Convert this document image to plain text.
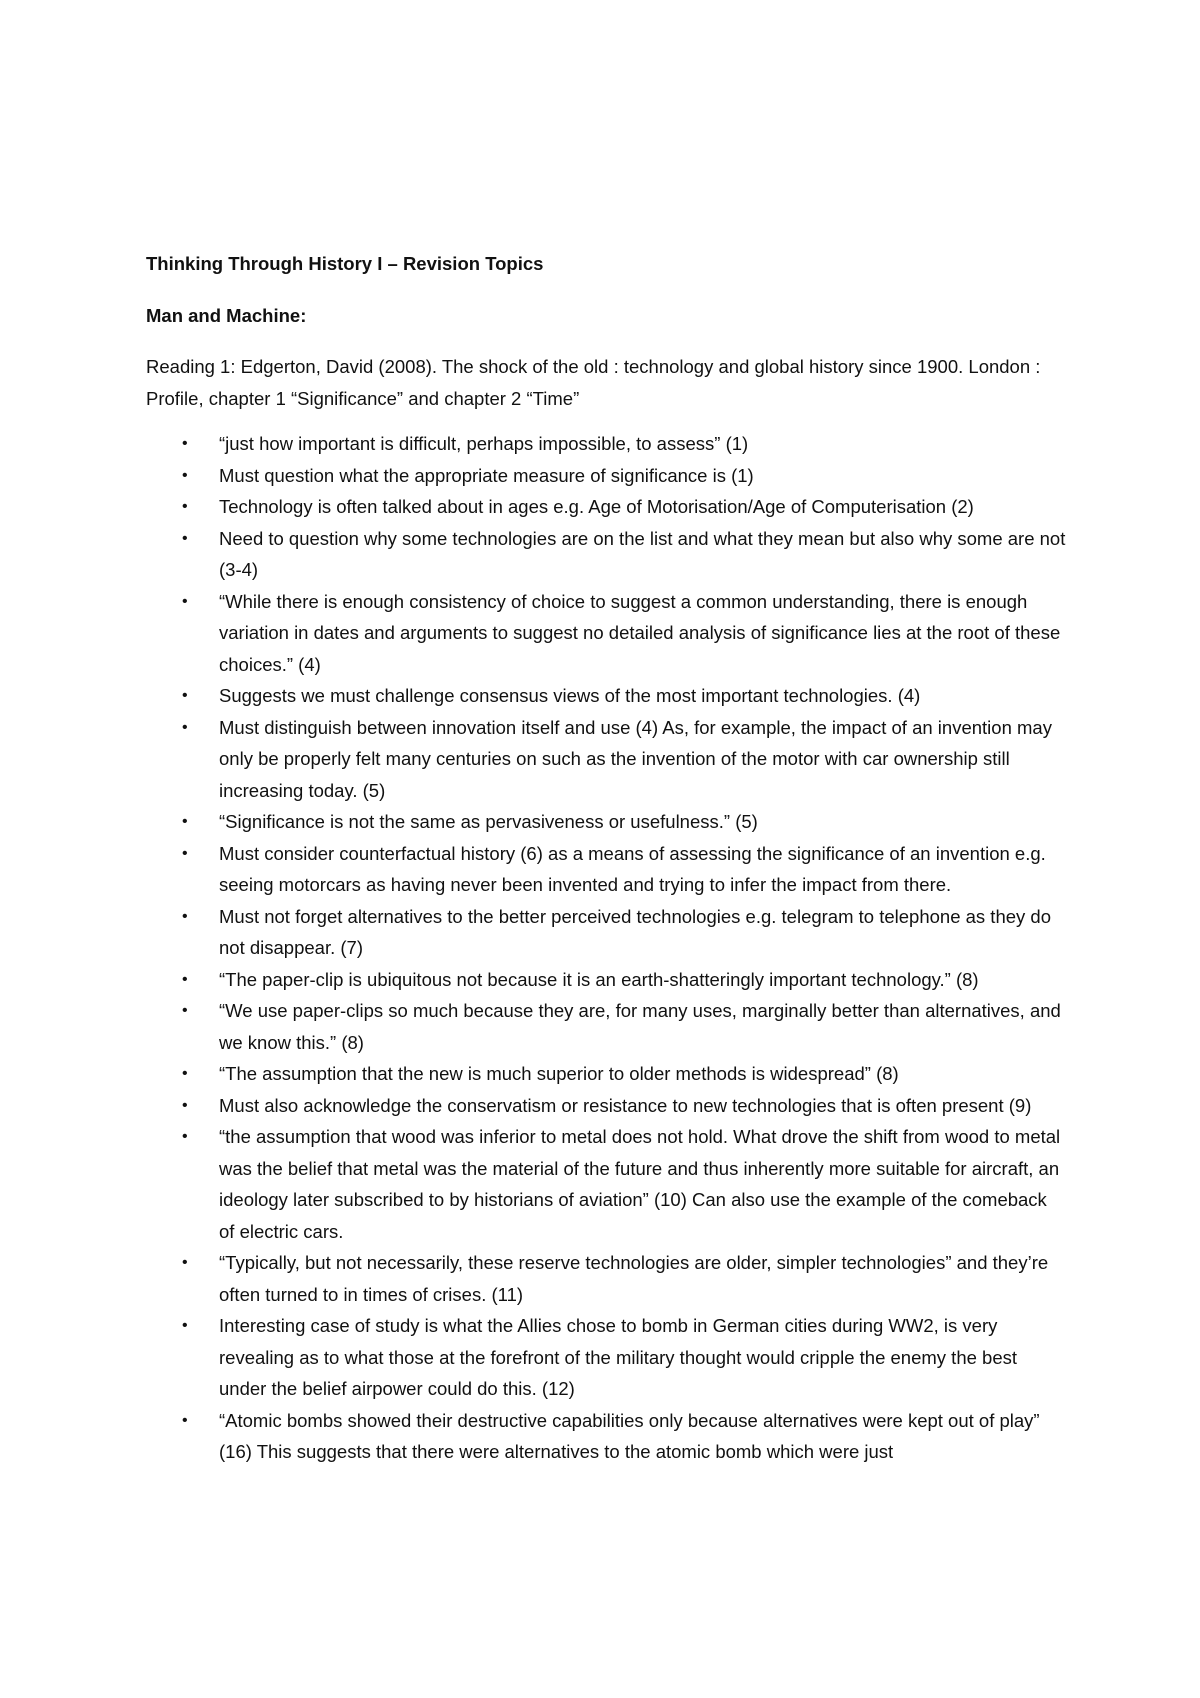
Thinking Through History I – Revision Topics
Man and Machine:
Reading 1: Edgerton, David (2008). The shock of the old : technology and global history since 1900. London : Profile, chapter 1 “Significance” and chapter 2 “Time”
• “just how important is difficult, perhaps impossible, to assess” (1)
• Must question what the appropriate measure of significance is (1)
• Technology is often talked about in ages e.g. Age of Motorisation/Age of Computerisation (2)
• Need to question why some technologies are on the list and what they mean but also why some are not (3-4)
• “While there is enough consistency of choice to suggest a common understanding, there is enough variation in dates and arguments to suggest no detailed analysis of significance lies at the root of these choices.” (4)
• Suggests we must challenge consensus views of the most important technologies. (4)
• Must distinguish between innovation itself and use (4) As, for example, the impact of an invention may only be properly felt many centuries on such as the invention of the motor with car ownership still increasing today. (5)
• “Significance is not the same as pervasiveness or usefulness.” (5)
• Must consider counterfactual history (6) as a means of assessing the significance of an invention e.g. seeing motorcars as having never been invented and trying to infer the impact from there.
• Must not forget alternatives to the better perceived technologies e.g. telegram to telephone as they do not disappear. (7)
• “The paper-clip is ubiquitous not because it is an earth-shatteringly important technology.” (8)
• “We use paper-clips so much because they are, for many uses, marginally better than alternatives, and we know this.” (8)
• “The assumption that the new is much superior to older methods is widespread” (8)
• Must also acknowledge the conservatism or resistance to new technologies that is often present (9)
• “the assumption that wood was inferior to metal does not hold. What drove the shift from wood to metal was the belief that metal was the material of the future and thus inherently more suitable for aircraft, an ideology later subscribed to by historians of aviation” (10) Can also use the example of the comeback of electric cars.
• “Typically, but not necessarily, these reserve technologies are older, simpler technologies” and they’re often turned to in times of crises. (11)
• Interesting case of study is what the Allies chose to bomb in German cities during WW2, is very revealing as to what those at the forefront of the military thought would cripple the enemy the best under the belief airpower could do this. (12)
• “Atomic bombs showed their destructive capabilities only because alternatives were kept out of play” (16) This suggests that there were alternatives to the atomic bomb which were just
